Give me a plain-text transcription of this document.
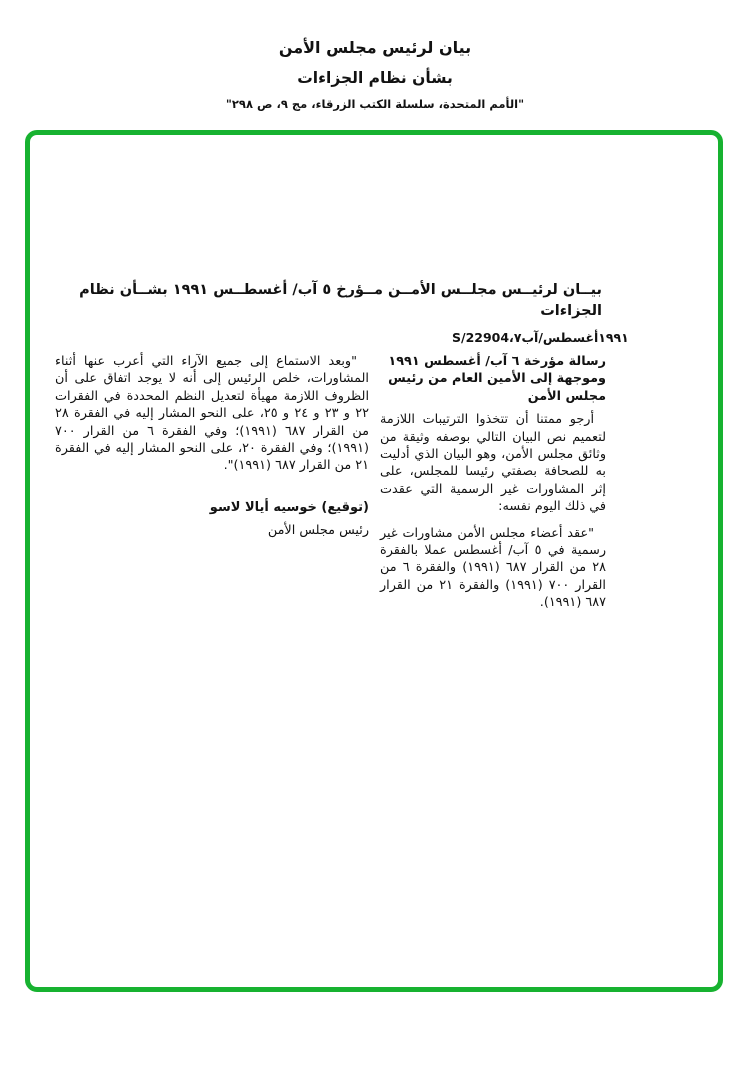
بيان لرئيس مجلس الأمن
بشأن نظام الجزاءات
"الأمم المتحدة، سلسلة الكتب الزرقاء، مج ٩، ص ٢٩٨"
بيــان لرئيــس مجلــس الأمــن مــؤرخ ٥ آب/ أغسطــس ١٩٩١ بشــأن نظام
الجزاءات
S/22904، ٧ آب/ أغسطس ١٩٩١
رسالة مؤرخة ٦ آب/ أغسطس ١٩٩١ وموجهة إلى الأمين العام من رئيس مجلس الأمن

أرجو ممتنا أن تتخذوا الترتيبات اللازمة لتعميم نص البيان التالي بوصفه وثيقة من وثائق مجلس الأمن، وهو البيان الذي أدليت به للصحافة بصفتي رئيسا للمجلس، على إثر المشاورات غير الرسمية التي عقدت في ذلك اليوم نفسه:

"عقد أعضاء مجلس الأمن مشاورات غير رسمية في ٥ آب/ أغسطس عملا بالفقرة ٢٨ من القرار ٦٨٧ (١٩٩١) والفقرة ٦ من القرار ٧٠٠ (١٩٩١) والفقرة ٢١ من القرار ٦٨٧ (١٩٩١).

"وبعد الاستماع إلى جميع الآراء التي أعرب عنها أثناء المشاورات، خلص الرئيس إلى أنه لا يوجد اتفاق على أن الظروف اللازمة مهيأة لتعديل النظم المحددة في الفقرات ٢٢ و ٢٣ و ٢٤ و ٢٥، على النحو المشار إليه في الفقرة ٢٨ من القرار ٦٨٧ (١٩٩١)؛ وفي الفقرة ٦ من القرار ٧٠٠ (١٩٩١)؛ وفي الفقرة ٢٠، على النحو المشار إليه في الفقرة ٢١ من القرار ٦٨٧ (١٩٩١)".

(توقيع) خوسيه أيالا لاسو
رئيس مجلس الأمن
